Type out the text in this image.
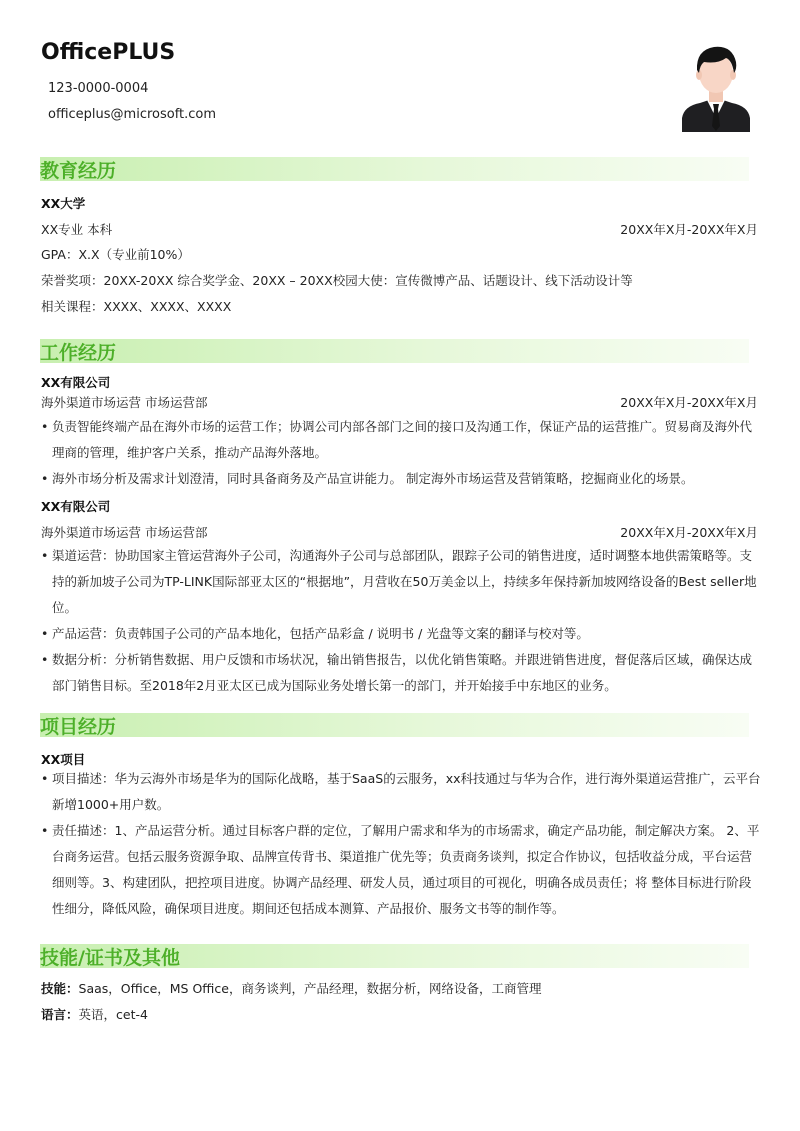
OfficePLUS
123-0000-0004
officeplus@microsoft.com
教育经历
XX大学
XX专业 本科	20XX年X月-20XX年X月
GPA：X.X（专业前10%）
荣誉奖项：20XX-20XX 综合奖学金、20XX – 20XX校园大使：宣传微博产品、话题设计、线下活动设计等
相关课程：XXXX、XXXX、XXXX
工作经历
XX有限公司
海外渠道市场运营 市场运营部	20XX年X月-20XX年X月
• 负责智能终端产品在海外市场的运营工作；协调公司内部各部门之间的接口及沟通工作，保证产品的运营推广。贸易商及海外代理商的管理，维护客户关系，推动产品海外落地。
• 海外市场分析及需求计划澄清，同时具备商务及产品宣讲能力。 制定海外市场运营及营销策略，挖掘商业化的场景。
XX有限公司
海外渠道市场运营 市场运营部	20XX年X月-20XX年X月
• 渠道运营：协助国家主管运营海外子公司，沟通海外子公司与总部团队，跟踪子公司的销售进度，适时调整本地供需策略等。支持的新加坡子公司为TP-LINK国际部亚太区的“根据地”，月营收在50万美金以上，持续多年保持新加坡网络设备的Best seller地位。
• 产品运营：负责韩国子公司的产品本地化，包括产品彩盒 / 说明书 / 光盘等文案的翻译与校对等。
• 数据分析：分析销售数据、用户反馈和市场状况，输出销售报告，以优化销售策略。并跟进销售进度，督促落后区域，确保达成部门销售目标。至2018年2月亚太区已成为国际业务处增长第一的部门，并开始接手中东地区的业务。
项目经历
XX项目
• 项目描述：华为云海外市场是华为的国际化战略，基于SaaS的云服务，xx科技通过与华为合作，进行海外渠道运营推广，云平台新增1000+用户数。
• 责任描述：1、产品运营分析。通过目标客户群的定位，了解用户需求和华为的市场需求，确定产品功能，制定解决方案。 2、平台商务运营。包括云服务资源争取、品牌宣传背书、渠道推广优先等；负责商务谈判，拟定合作协议，包括收益分成，平台运营细则等。3、构建团队，把控项目进度。协调产品经理、研发人员，通过项目的可视化，明确各成员责任；将 整体目标进行阶段性细分，降低风险，确保项目进度。期间还包括成本测算、产品报价、服务文书等的制作等。
技能/证书及其他
技能：Saas，Office，MS Office，商务谈判，产品经理，数据分析，网络设备，工商管理
语言：英语，cet-4
